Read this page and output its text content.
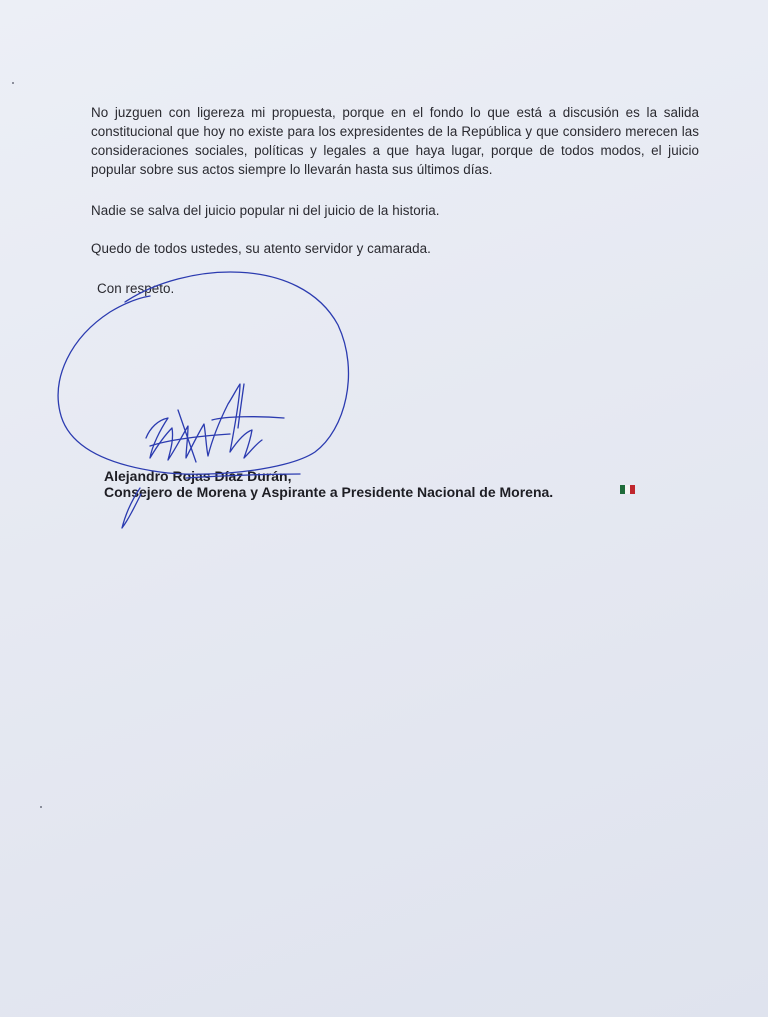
No juzguen con ligereza mi propuesta, porque en el fondo lo que está a discusión es la salida constitucional que hoy no existe para los expresidentes de la República y que considero merecen las consideraciones sociales, políticas y legales a que haya lugar, porque de todos modos, el juicio popular sobre sus actos siempre lo llevarán hasta sus últimos días.

Nadie se salva del juicio popular ni del juicio de la historia.

Quedo de todos ustedes, su atento servidor y camarada.

Con respeto.

Alejandro Rojas Díaz Durán,

Consejero de Morena y Aspirante a Presidente Nacional de Morena.
